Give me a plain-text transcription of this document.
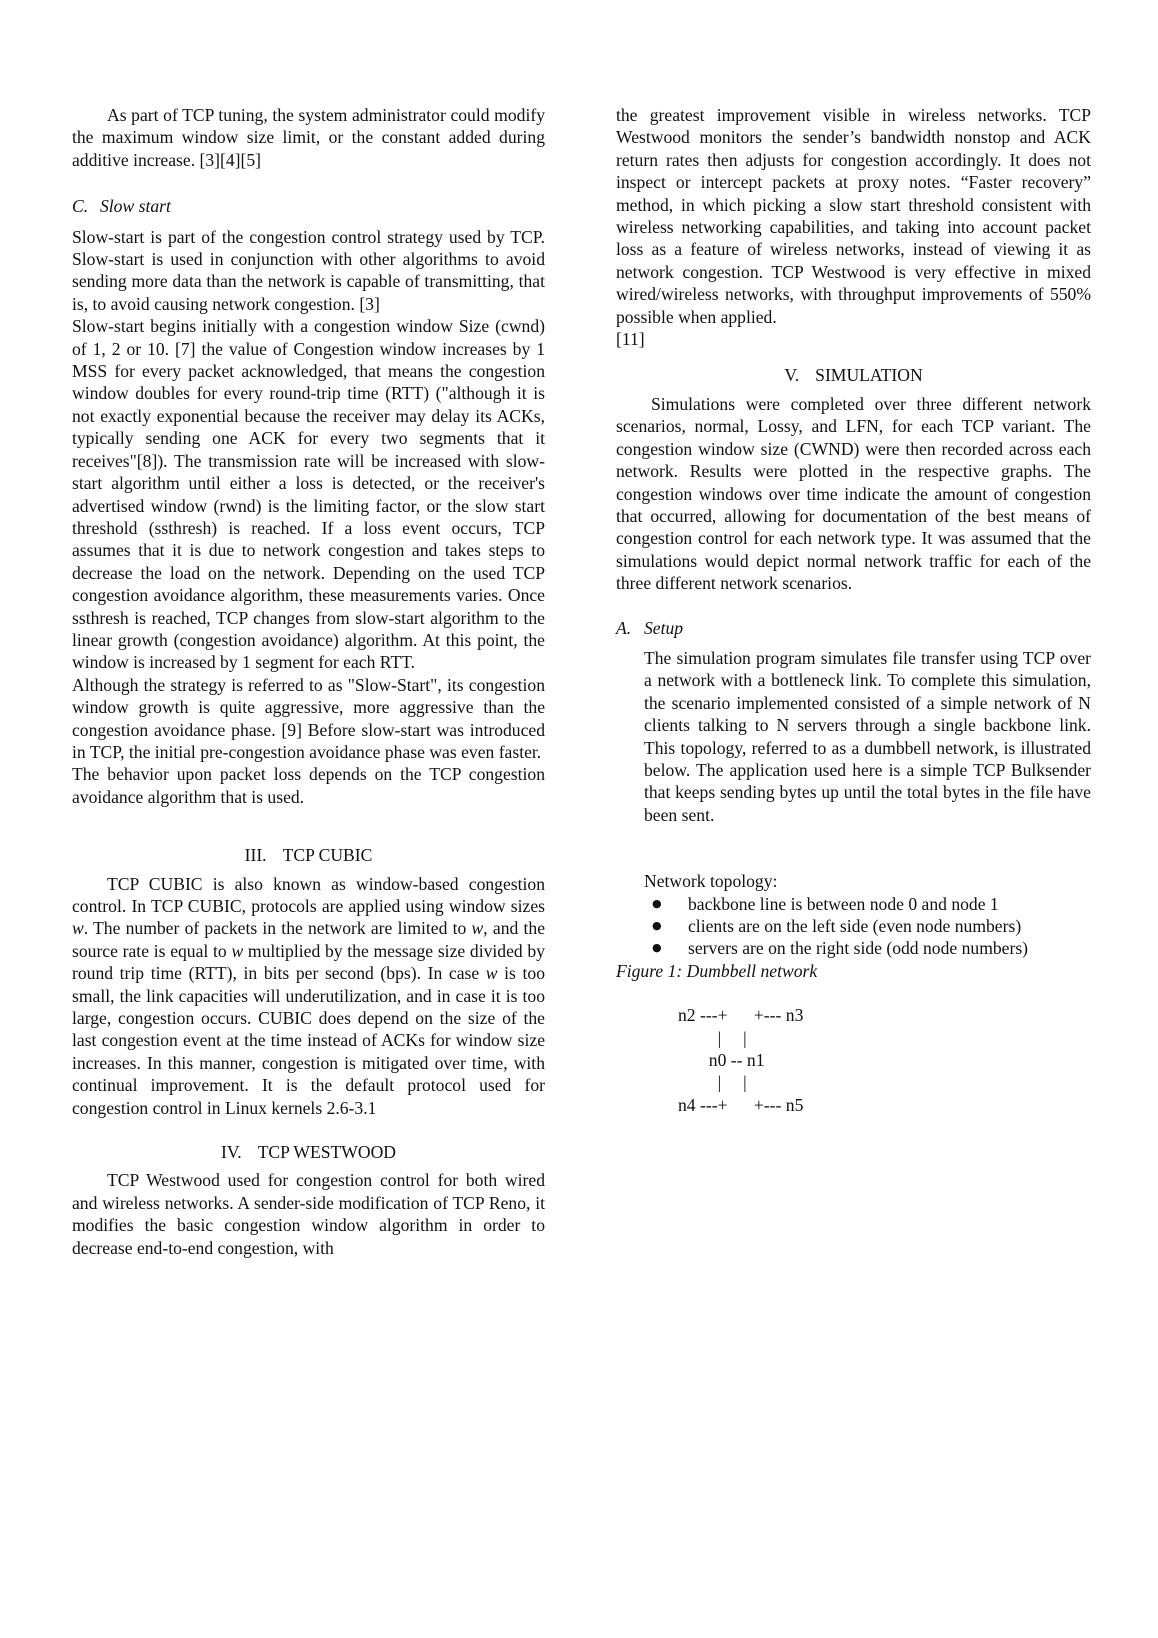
As part of TCP tuning, the system administrator could modify the maximum window size limit, or the constant added during additive increase. [3][4][5]

C. Slow start

Slow-start is part of the congestion control strategy used by TCP. Slow-start is used in conjunction with other algorithms to avoid sending more data than the network is capable of transmitting, that is, to avoid causing network congestion. [3]

Slow-start begins initially with a congestion window Size (cwnd) of 1, 2 or 10. [7] the value of Congestion window increases by 1 MSS for every packet acknowledged, that means the congestion window doubles for every round-trip time (RTT) ("although it is not exactly exponential because the receiver may delay its ACKs, typically sending one ACK for every two segments that it receives"[8]). The transmission rate will be increased with slow-start algorithm until either a loss is detected, or the receiver's advertised window (rwnd) is the limiting factor, or the slow start threshold (ssthresh) is reached. If a loss event occurs, TCP assumes that it is due to network congestion and takes steps to decrease the load on the network. Depending on the used TCP congestion avoidance algorithm, these measurements varies. Once ssthresh is reached, TCP changes from slow-start algorithm to the linear growth (congestion avoidance) algorithm. At this point, the window is increased by 1 segment for each RTT.

Although the strategy is referred to as "Slow-Start", its congestion window growth is quite aggressive, more aggressive than the congestion avoidance phase. [9] Before slow-start was introduced in TCP, the initial pre-congestion avoidance phase was even faster.

The behavior upon packet loss depends on the TCP congestion avoidance algorithm that is used.

III. TCP CUBIC

TCP CUBIC is also known as window-based congestion control. In TCP CUBIC, protocols are applied using window sizes w. The number of packets in the network are limited to w, and the source rate is equal to w multiplied by the message size divided by round trip time (RTT), in bits per second (bps). In case w is too small, the link capacities will underutilization, and in case it is too large, congestion occurs. CUBIC does depend on the size of the last congestion event at the time instead of ACKs for window size increases. In this manner, congestion is mitigated over time, with continual improvement. It is the default protocol used for congestion control in Linux kernels 2.6-3.1

IV. TCP WESTWOOD

TCP Westwood used for congestion control for both wired and wireless networks. A sender-side modification of TCP Reno, it modifies the basic congestion window algorithm in order to decrease end-to-end congestion, with

the greatest improvement visible in wireless networks. TCP Westwood monitors the sender’s bandwidth nonstop and ACK return rates then adjusts for congestion accordingly. It does not inspect or intercept packets at proxy notes. “Faster recovery” method, in which picking a slow start threshold consistent with wireless networking capabilities, and taking into account packet loss as a feature of wireless networks, instead of viewing it as network congestion. TCP Westwood is very effective in mixed wired/wireless networks, with throughput improvements of 550% possible when applied.

[11]

V. SIMULATION

Simulations were completed over three different network scenarios, normal, Lossy, and LFN, for each TCP variant. The congestion window size (CWND) were then recorded across each network. Results were plotted in the respective graphs. The congestion windows over time indicate the amount of congestion that occurred, allowing for documentation of the best means of congestion control for each network type. It was assumed that the simulations would depict normal network traffic for each of the three different network scenarios.

A. Setup

The simulation program simulates file transfer using TCP over a network with a bottleneck link. To complete this simulation, the scenario implemented consisted of a simple network of N clients talking to N servers through a single backbone link. This topology, referred to as a dumbbell network, is illustrated below. The application used here is a simple TCP Bulksender that keeps sending bytes up until the total bytes in the file have been sent.

Network topology:

● backbone line is between node 0 and node 1
● clients are on the left side (even node numbers)
● servers are on the right side (odd node numbers)

Figure 1: Dumbbell network

n2 ---+      +--- n3
|     |
n0 -- n1
|     |
n4 ---+      +--- n5
